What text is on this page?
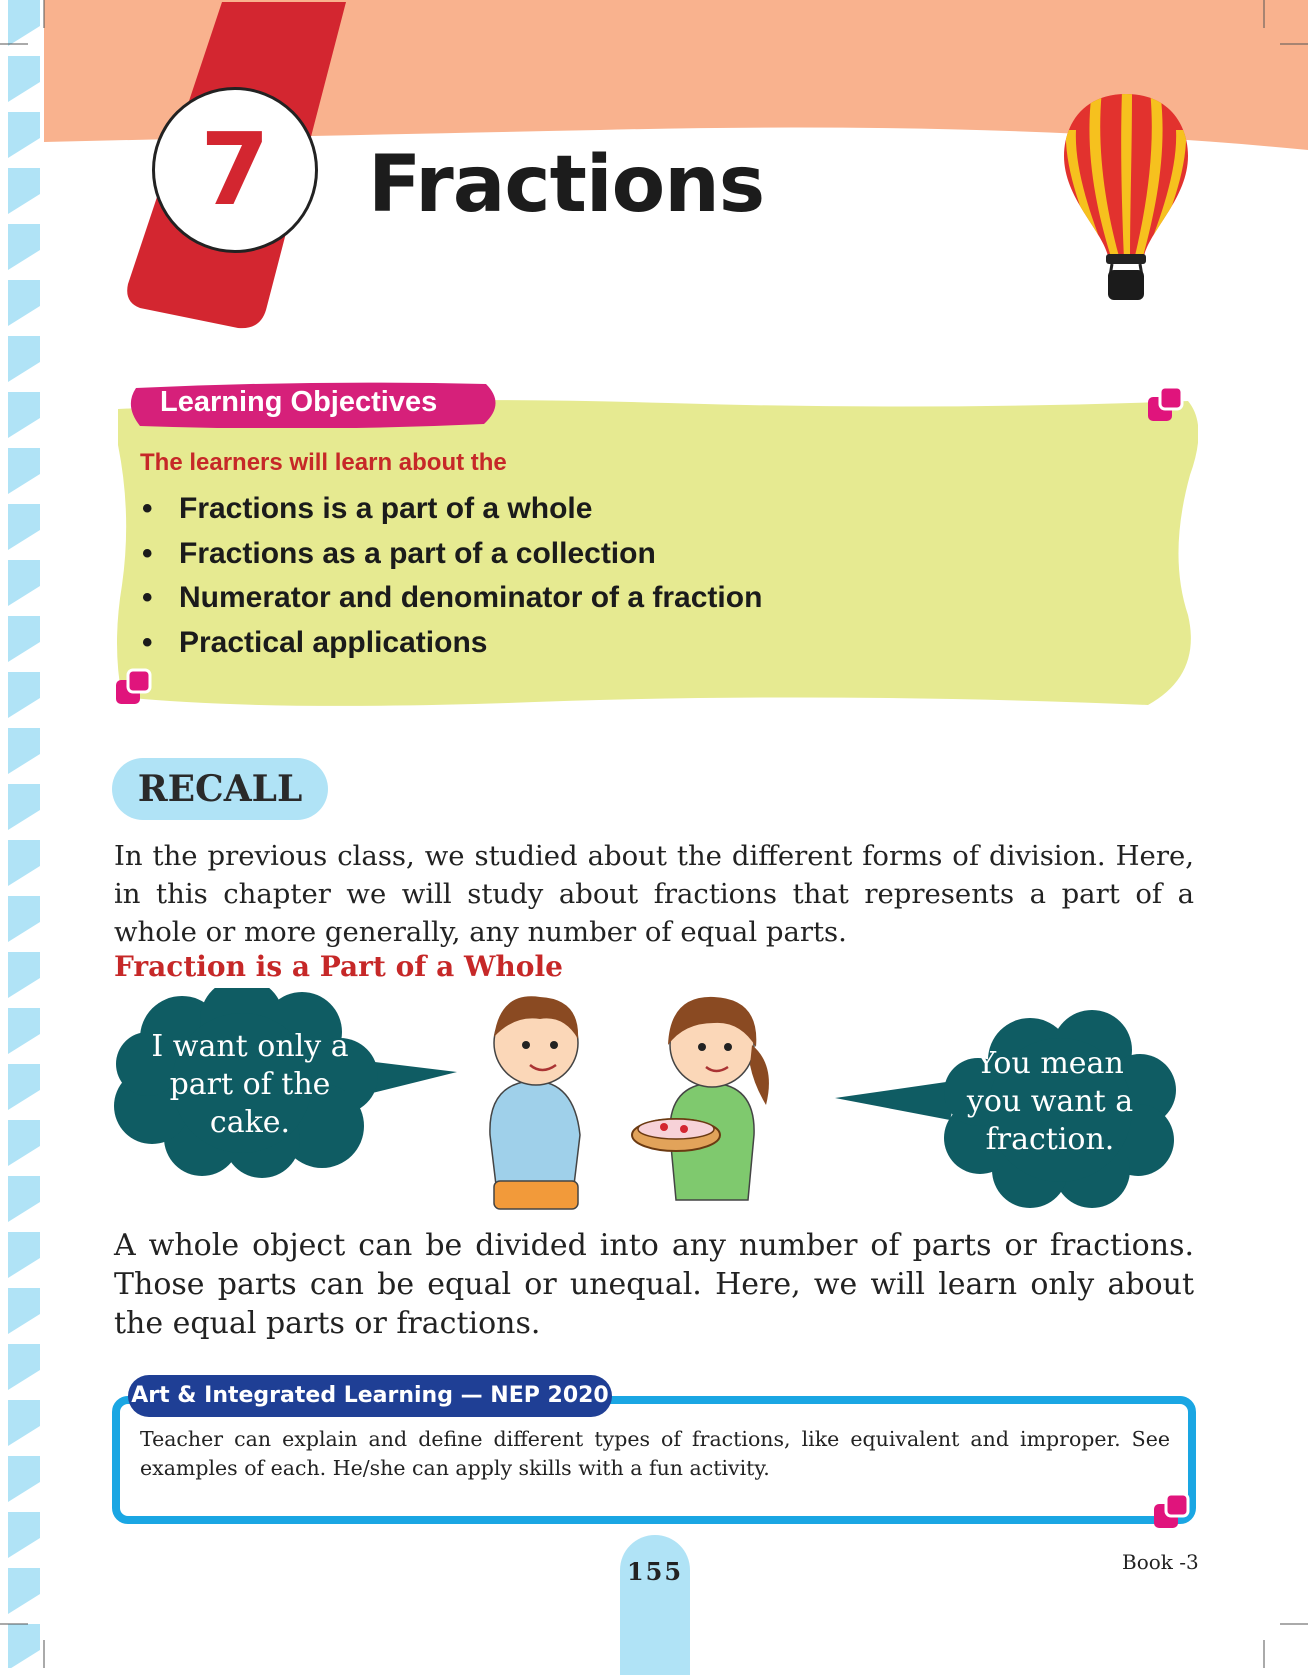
7	Fractions
Learning Objectives
The learners will learn about the
• Fractions is a part of a whole
• Fractions as a part of a collection
• Numerator and denominator of a fraction
• Practical applications
RECALL
In the previous class, we studied about the different forms of division. Here, in this chapter we will study about fractions that represents a part of a whole or more generally, any number of equal parts.
Fraction is a Part of a Whole
I want only a part of the cake.
You mean you want a fraction.
A whole object can be divided into any number of parts or fractions. Those parts can be equal or unequal. Here, we will learn only about the equal parts or fractions.
Art & Integrated Learning — NEP 2020
Teacher can explain and define different types of fractions, like equivalent and improper. See examples of each. He/she can apply skills with a fun activity.
155	Book -3
